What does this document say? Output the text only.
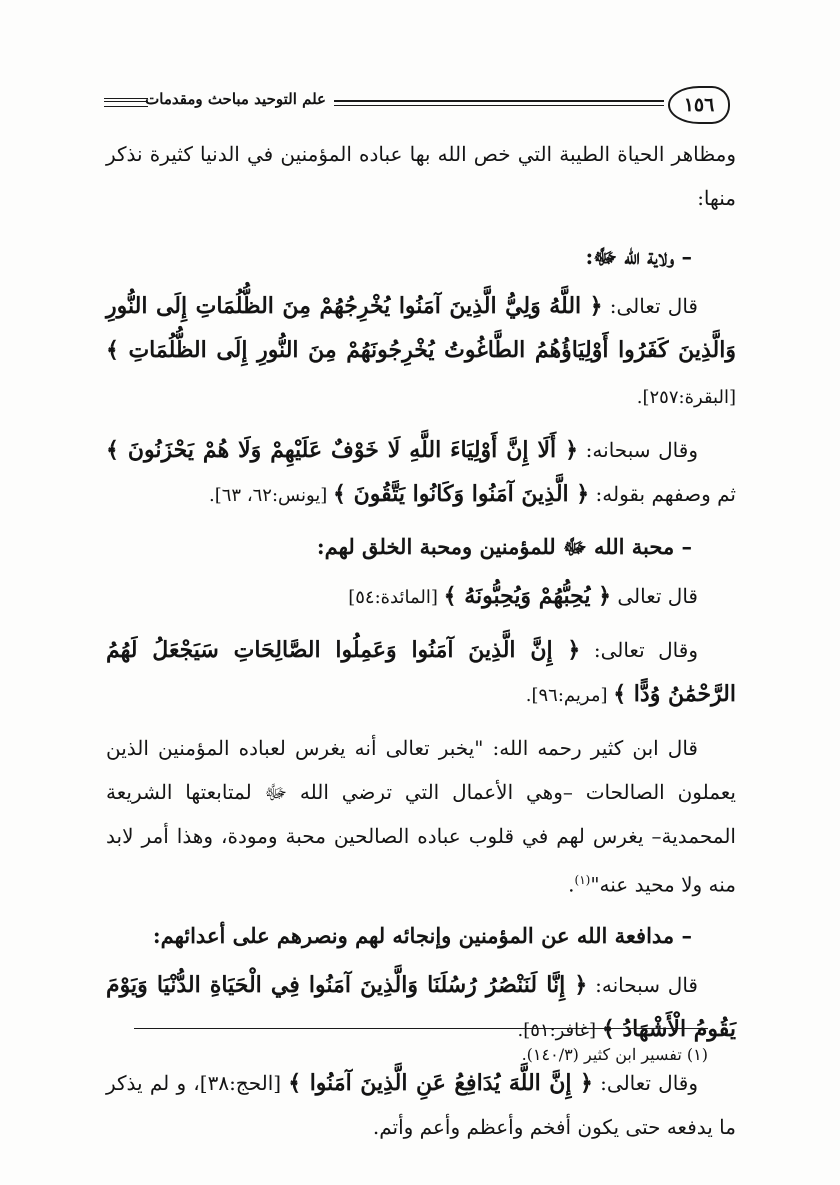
١٥٦
علم التوحيد مباحث ومقدمات

ومظاهر الحياة الطيبة التي خص الله بها عباده المؤمنين في الدنيا كثيرة نذكر منها:

– ولاية الله ﷻ:

قال تعالى: ﴿ اللَّهُ وَلِيُّ الَّذِينَ آمَنُوا يُخْرِجُهُمْ مِنَ الظُّلُمَاتِ إِلَى النُّورِ وَالَّذِينَ كَفَرُوا أَوْلِيَاؤُهُمُ الطَّاغُوتُ يُخْرِجُونَهُمْ مِنَ النُّورِ إِلَى الظُّلُمَاتِ ﴾ [البقرة:٢٥٧].

وقال سبحانه: ﴿ أَلَا إِنَّ أَوْلِيَاءَ اللَّهِ لَا خَوْفٌ عَلَيْهِمْ وَلَا هُمْ يَحْزَنُونَ ﴾ ثم وصفهم بقوله: ﴿ الَّذِينَ آمَنُوا وَكَانُوا يَتَّقُونَ ﴾ [يونس:٦٢، ٦٣].

– محبة الله ﷻ للمؤمنين ومحبة الخلق لهم:

قال تعالى ﴿ يُحِبُّهُمْ وَيُحِبُّونَهُ ﴾ [المائدة:٥٤]

وقال تعالى: ﴿ إِنَّ الَّذِينَ آمَنُوا وَعَمِلُوا الصَّالِحَاتِ سَيَجْعَلُ لَهُمُ الرَّحْمَٰنُ وُدًّا ﴾ [مريم:٩٦].

قال ابن كثير رحمه الله: "يخبر تعالى أنه يغرس لعباده المؤمنين الذين يعملون الصالحات –وهي الأعمال التي ترضي الله ﷻ لمتابعتها الشريعة المحمدية– يغرس لهم في قلوب عباده الصالحين محبة ومودة، وهذا أمر لابد منه ولا محيد عنه"$^{(١)}$.

– مدافعة الله عن المؤمنين وإنجائه لهم ونصرهم على أعدائهم:

قال سبحانه: ﴿ إِنَّا لَنَنْصُرُ رُسُلَنَا وَالَّذِينَ آمَنُوا فِي الْحَيَاةِ الدُّنْيَا وَيَوْمَ يَقُومُ الْأَشْهَادُ ﴾ [غافر:٥١].

وقال تعالى: ﴿ إِنَّ اللَّهَ يُدَافِعُ عَنِ الَّذِينَ آمَنُوا ﴾ [الحج:٣٨]، و لم يذكر ما يدفعه حتى يكون أفخم وأعظم وأعم وأتم.

(١) تفسير ابن كثير (١٤٠/٣).
